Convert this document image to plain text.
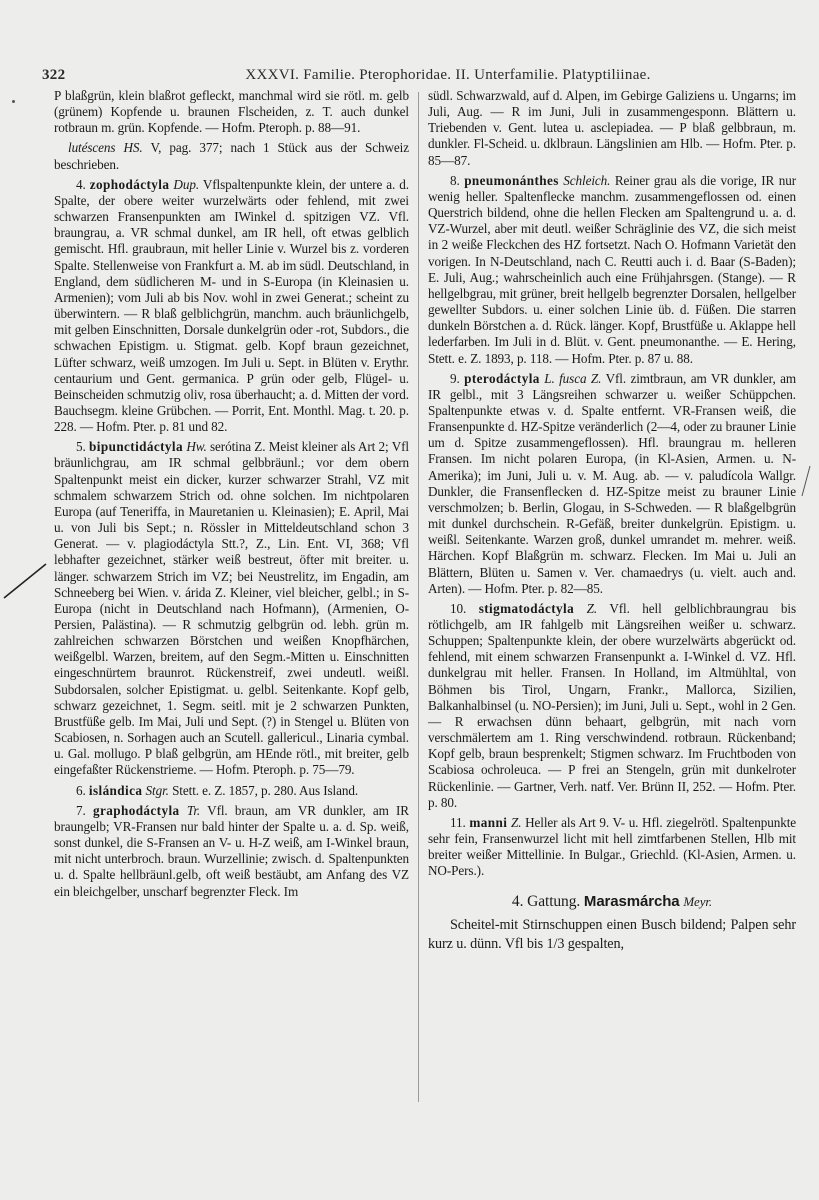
322	XXXVI. Familie. Pterophoridae. II. Unterfamilie. Platyptiliinae.

P blaßgrün, klein blaßrot gefleckt, manchmal wird sie rötl. m. gelb (grünem) Kopfende u. braunen Flscheiden, z. T. auch dunkel rotbraun m. grün. Kopfende. — Hofm. Pteroph. p. 88—91.

lutéscens HS. V, pag. 377; nach 1 Stück aus der Schweiz beschrieben.

4. zophodáctyla Dup. Vflspaltenpunkte klein, der untere a. d. Spalte, der obere weiter wurzelwärts oder fehlend, mit zwei schwarzen Fransenpunkten am IWinkel d. spitzigen VZ. Vfl. braungrau, a. VR schmal dunkel, am IR hell, oft etwas gelblich gemischt. Hfl. graubraun, mit heller Linie v. Wurzel bis z. vorderen Spalte. Stellenweise von Frankfurt a. M. ab im südl. Deutschland, in England, dem südlicheren M- und in S-Europa (in Kleinasien u. Armenien); vom Juli ab bis Nov. wohl in zwei Generat.; scheint zu überwintern. — R blaß gelblichgrün, manchm. auch bräunlichgelb, mit gelben Einschnitten, Dorsale dunkelgrün oder -rot, Subdors., die schwachen Epistigm. u. Stigmat. gelb. Kopf braun gezeichnet, Lüfter schwarz, weiß umzogen. Im Juli u. Sept. in Blüten v. Erythr. centaurium und Gent. germanica. P grün oder gelb, Flügel- u. Beinscheiden schmutzig oliv, rosa überhaucht; a. d. Mitten der vord. Bauchsegm. kleine Grübchen. — Porrit, Ent. Monthl. Mag. t. 20. p. 228. — Hofm. Pter. p. 81 und 82.

5. bipunctidáctyla Hw. serótina Z. Meist kleiner als Art 2; Vfl bräunlichgrau, am IR schmal gelbbräunl.; vor dem obern Spaltenpunkt meist ein dicker, kurzer schwarzer Strahl, VZ mit schmalem schwarzem Strich od. ohne solchen. Im nichtpolaren Europa (auf Teneriffa, in Mauretanien u. Kleinasien); E. April, Mai u. von Juli bis Sept.; n. Rössler in Mitteldeutschland schon 3 Generat. — v. plagiodáctyla Stt.?, Z., Lin. Ent. VI, 368; Vfl lebhafter gezeichnet, stärker weiß bestreut, öfter mit breiter. u. länger. schwarzem Strich im VZ; bei Neustrelitz, im Engadin, am Schneeberg bei Wien. v. árida Z. Kleiner, viel bleicher, gelbl.; in S-Europa (nicht in Deutschland nach Hofmann), (Armenien, O-Persien, Palästina). — R schmutzig gelbgrün od. lebh. grün m. zahlreichen schwarzen Börstchen und weißen Knopfhärchen, weißgelbl. Warzen, breitem, auf den Segm.-Mitten u. Einschnitten eingeschnürtem braunrot. Rückenstreif, zwei undeutl. weißl. Subdorsalen, solcher Epistigmat. u. gelbl. Seitenkante. Kopf gelb, schwarz gezeichnet, 1. Segm. seitl. mit je 2 schwarzen Punkten, Brustfüße gelb. Im Mai, Juli und Sept. (?) in Stengel u. Blüten von Scabiosen, n. Sorhagen auch an Scutell. gallericul., Linaria cymbal. u. Gal. mollugo. P blaß gelbgrün, am HEnde rötl., mit breiter, gelb eingefaßter Rückenstrieme. — Hofm. Pteroph. p. 75—79.

6. islándica Stgr. Stett. e. Z. 1857, p. 280. Aus Island.

7. graphodáctyla Tr. Vfl. braun, am VR dunkler, am IR braungelb; VR-Fransen nur bald hinter der Spalte u. a. d. Sp. weiß, sonst dunkel, die S-Fransen an V- u. H-Z weiß, am I-Winkel braun, mit nicht unterbroch. braun. Wurzellinie; zwisch. d. Spaltenpunkten u. d. Spalte hellbräunl.gelb, oft weiß bestäubt, am Anfang des VZ ein bleichgelber, unscharf begrenzter Fleck. Im

südl. Schwarzwald, auf d. Alpen, im Gebirge Galiziens u. Ungarns; im Juli, Aug. — R im Juni, Juli in zusammengesponn. Blättern u. Triebenden v. Gent. lutea u. asclepiadea. — P blaß gelbbraun, m. dunkler. Fl-Scheid. u. dklbraun. Längslinien am Hlb. — Hofm. Pter. p. 85—87.

8. pneumonánthes Schleich. Reiner grau als die vorige, IR nur wenig heller. Spaltenflecke manchm. zusammengeflossen od. einen Querstrich bildend, ohne die hellen Flecken am Spaltengrund u. a. d. VZ-Wurzel, aber mit deutl. weißer Schräglinie des VZ, die sich meist in 2 weiße Fleckchen des HZ fortsetzt. Nach O. Hofmann Varietät den vorigen. In N-Deutschland, nach C. Reutti auch i. d. Baar (S-Baden); E. Juli, Aug.; wahrscheinlich auch eine Frühjahrsgen. (Stange). — R hellgelbgrau, mit grüner, breit hellgelb begrenzter Dorsalen, hellgelber gewellter Subdors. u. einer solchen Linie üb. d. Füßen. Die starren dunkeln Börstchen a. d. Rück. länger. Kopf, Brustfüße u. Aklappe hell lederfarben. Im Juli in d. Blüt. v. Gent. pneumonanthe. — E. Hering, Stett. e. Z. 1893, p. 118. — Hofm. Pter. p. 87 u. 88.

9. pterodáctyla L. fusca Z. Vfl. zimtbraun, am VR dunkler, am IR gelbl., mit 3 Längsreihen schwarzer u. weißer Schüppchen. Spaltenpunkte etwas v. d. Spalte entfernt. VR-Fransen weiß, die Fransenpunkte d. HZ-Spitze veränderlich (2—4, oder zu brauner Linie um d. Spitze zusammengeflossen). Hfl. braungrau m. helleren Fransen. Im nicht polaren Europa, (in Kl-Asien, Armen. u. N-Amerika); im Juni, Juli u. v. M. Aug. ab. — v. paludícola Wallgr. Dunkler, die Fransenflecken d. HZ-Spitze meist zu brauner Linie verschmolzen; b. Berlin, Glogau, in S-Schweden. — R blaßgelbgrün mit dunkel durchschein. R-Gefäß, breiter dunkelgrün. Epistigm. u. weißl. Seitenkante. Warzen groß, dunkel umrandet m. mehrer. weiß. Härchen. Kopf Blaßgrün m. schwarz. Flecken. Im Mai u. Juli an Blättern, Blüten u. Samen v. Ver. chamaedrys (u. vielt. auch and. Arten). — Hofm. Pter. p. 82—85.

10. stigmatodáctyla Z. Vfl. hell gelblichbraungrau bis rötlichgelb, am IR fahlgelb mit Längsreihen weißer u. schwarz. Schuppen; Spaltenpunkte klein, der obere wurzelwärts abgerückt od. fehlend, mit einem schwarzen Fransenpunkt a. I-Winkel d. VZ. Hfl. dunkelgrau mit heller. Fransen. In Holland, im Altmühltal, von Böhmen bis Tirol, Ungarn, Frankr., Mallorca, Sizilien, Balkanhalbinsel (u. NO-Persien); im Juni, Juli u. Sept., wohl in 2 Gen. — R erwachsen dünn behaart, gelbgrün, mit nach vorn verschmälertem am 1. Ring verschwindend. rotbraun. Rückenband; Kopf gelb, braun besprenkelt; Stigmen schwarz. Im Fruchtboden von Scabiosa ochroleuca. — P frei an Stengeln, grün mit dunkelroter Rückenlinie. — Gartner, Verh. natf. Ver. Brünn II, 252. — Hofm. Pter. p. 80.

11. manni Z. Heller als Art 9. V- u. Hfl. ziegelrötl. Spaltenpunkte sehr fein, Fransenwurzel licht mit hell zimtfarbenen Stellen, Hlb mit breiter weißer Mittellinie. In Bulgar., Griechld. (Kl-Asien, Armen. u. NO-Pers.).

4. Gattung. Marasmárcha Meyr.

Scheitel-mit Stirnschuppen einen Busch bildend; Palpen sehr kurz u. dünn. Vfl bis 1/3 gespalten,
